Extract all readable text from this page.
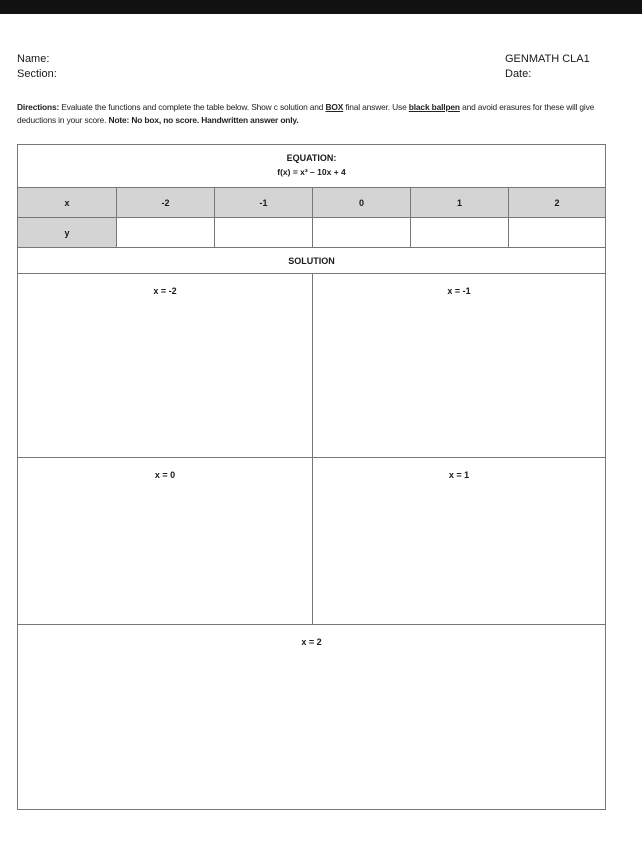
Name:
Section:
GENMATH CLA1
Date:
Directions: Evaluate the functions and complete the table below. Show c solution and BOX final answer. Use black ballpen and avoid erasures for these will give deductions in your score. Note: No box, no score. Handwritten answer only.
EQUATION:
f(x) = x³ – 10x + 4
x	-2	-1	0	1	2
y
SOLUTION
x = -2	x = -1
x = 0	x = 1
x = 2
